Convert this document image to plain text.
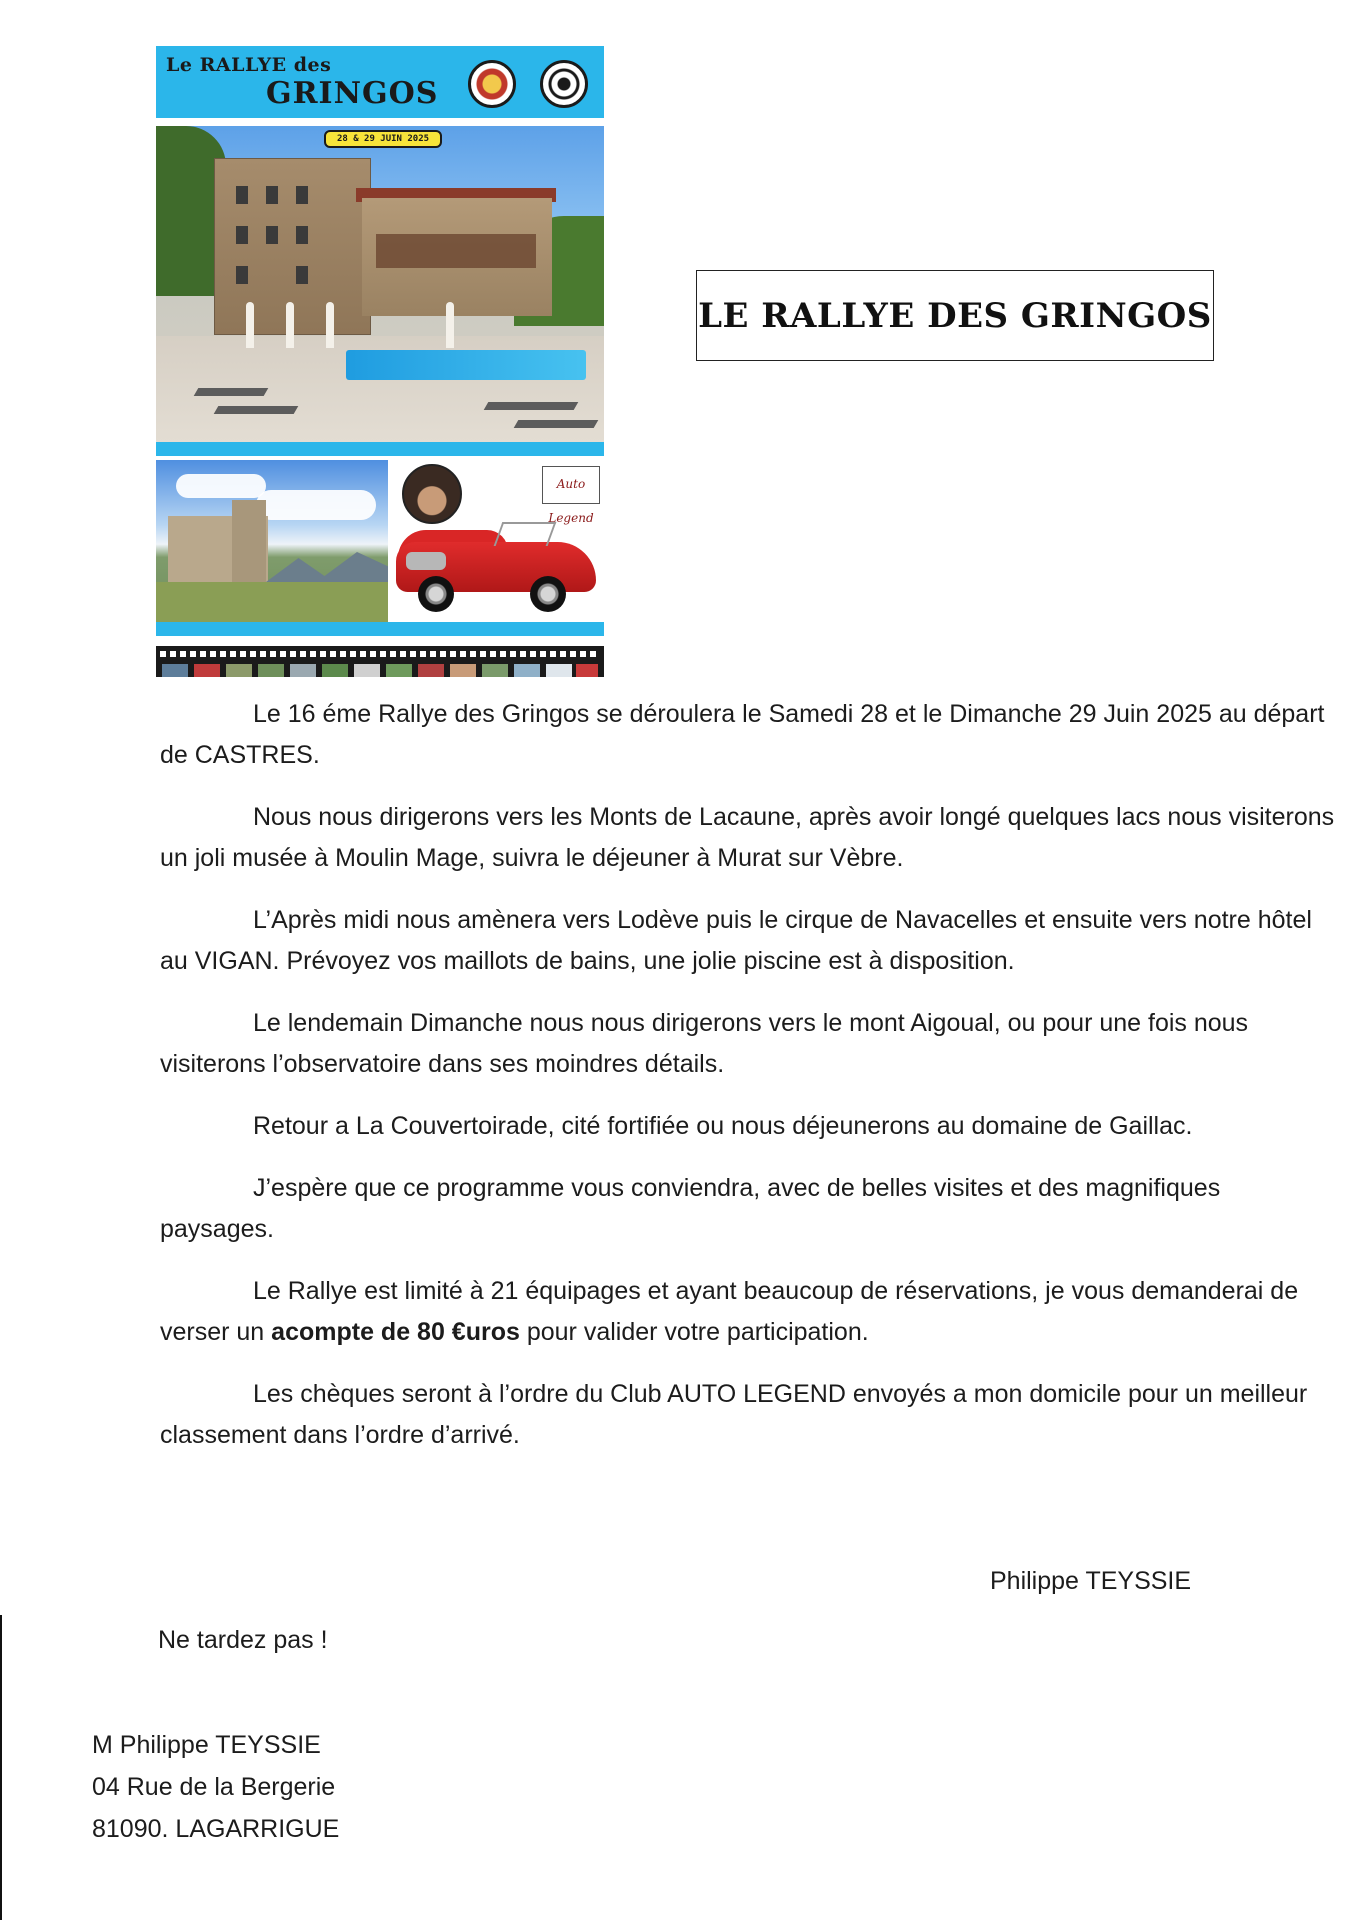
Le RALLYE des
GRINGOS
28 & 29 JUIN 2025
Auto Legend
LE RALLYE DES GRINGOS

Le 16 éme Rallye des Gringos se déroulera le Samedi 28 et le Dimanche 29 Juin 2025 au départ de CASTRES.

Nous nous dirigerons vers les Monts de Lacaune, après avoir longé quelques lacs nous visiterons un joli musée à Moulin Mage, suivra le déjeuner à Murat sur Vèbre.

L’Après midi nous amènera vers Lodève puis le cirque de Navacelles et ensuite vers notre hôtel au VIGAN. Prévoyez vos maillots de bains, une jolie piscine est à disposition.

Le lendemain Dimanche nous nous dirigerons vers le mont Aigoual, ou pour une fois nous visiterons l’observatoire dans ses moindres détails.

Retour a La Couvertoirade, cité fortifiée ou nous déjeunerons au domaine de Gaillac.

J’espère que ce programme vous conviendra, avec de belles visites et des magnifiques paysages.

Le Rallye est limité à 21 équipages et ayant beaucoup de réservations, je vous demanderai de verser un acompte de 80 €uros pour valider votre participation.

Les chèques seront à l’ordre du Club AUTO LEGEND envoyés a mon domicile pour un meilleur classement dans l’ordre d’arrivé.

Philippe TEYSSIE
Ne tardez pas !
M Philippe TEYSSIE
04 Rue de la Bergerie
81090. LAGARRIGUE
